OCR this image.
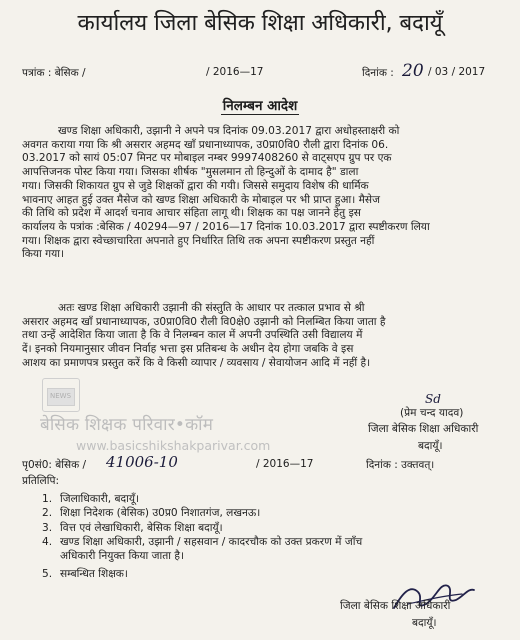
कार्यालय जिला बेसिक शिक्षा अधिकारी, बदायूँ
पत्रांक : बेसिक /	/ 2016—17	दिनांक : 20 / 03 / 2017
निलम्बन आदेश
खण्ड शिक्षा अधिकारी, उझानी ने अपने पत्र दिनांक 09.03.2017 द्वारा अधोहस्ताक्षरी को
अवगत कराया गया कि श्री असरार अहमद खाँ प्रधानाध्यापक, उ0प्रा0वि0 रौली द्वारा दिनांक 06.
03.2017 को सायं 05:07 मिनट पर मोबाइल नम्बर 9997408260 से वाट्सएप ग्रुप पर एक
आपत्तिजनक पोस्ट किया गया। जिसका शीर्षक "मुसलमान तो हिन्दुओं के दामाद है" डाला
गया। जिसकी शिकायत ग्रुप से जुडे शिक्षकों द्वारा की गयी। जिससे समुदाय विशेष की धार्मिक
भावनाए आहत हुई उक्त मैसेज को खण्ड शिक्षा अधिकारी के मोबाइल पर भी प्राप्त हुआ। मैसेज
की तिथि को प्रदेश में आदर्श चनाव आचार संहिता लागू थी। शिक्षक का पक्ष जानने हेतु इस
कार्यालय के पत्रांक :बेसिक / 40294—97 / 2016—17 दिनांक 10.03.2017 द्वारा स्पष्टीकरण लिया
गया। शिक्षक द्वारा स्वेच्छाचारिता अपनाते हुए निर्धारित तिथि तक अपना स्पष्टीकरण प्रस्तुत नहीं
किया गया।
अतः खण्ड शिक्षा अधिकारी उझानी की संस्तुति के आधार पर तत्काल प्रभाव से श्री
असरार अहमद खाँ प्रधानाध्यापक, उ0प्रा0वि0 रौली वि0क्षे0 उझानी को निलम्बित किया जाता है
तथा उन्हें आदेशित किया जाता है कि वे निलम्बन काल में अपनी उपस्थिति उसी विद्यालय में
दें। इनको नियमानुसार जीवन निर्वाह भत्ता इस प्रतिबन्ध के अधीन देय होगा जबकि वे इस
आशय का प्रमाणपत्र प्रस्तुत करें कि वे किसी व्यापार / व्यवसाय / सेवायोजन आदि में नहीं है।
NEWS
बेसिक शिक्षक परिवार•कॉम
www.basicshikshakparivar.com
Sd
(प्रेम चन्द यादव)
जिला बेसिक शिक्षा अधिकारी
बदायूँ।
पृ0सं0: बेसिक / 41006-10	/ 2016—17	दिनांक : उक्तवत्।
प्रतिलिपि:
1. जिलाधिकारी, बदायूँ।
2. शिक्षा निदेशक (बेसिक) उ0प्र0 निशातगंज, लखनऊ।
3. वित्त एवं लेखाधिकारी, बेसिक शिक्षा बदायूँ।
4. खण्ड शिक्षा अधिकारी, उझानी / सहसवान / कादरचौक को उक्त प्रकरण में जाँच
अधिकारी नियुक्त किया जाता है।
5. सम्बन्धित शिक्षक।
जिला बेसिक शिक्षा अधिकारी
बदायूँ।
